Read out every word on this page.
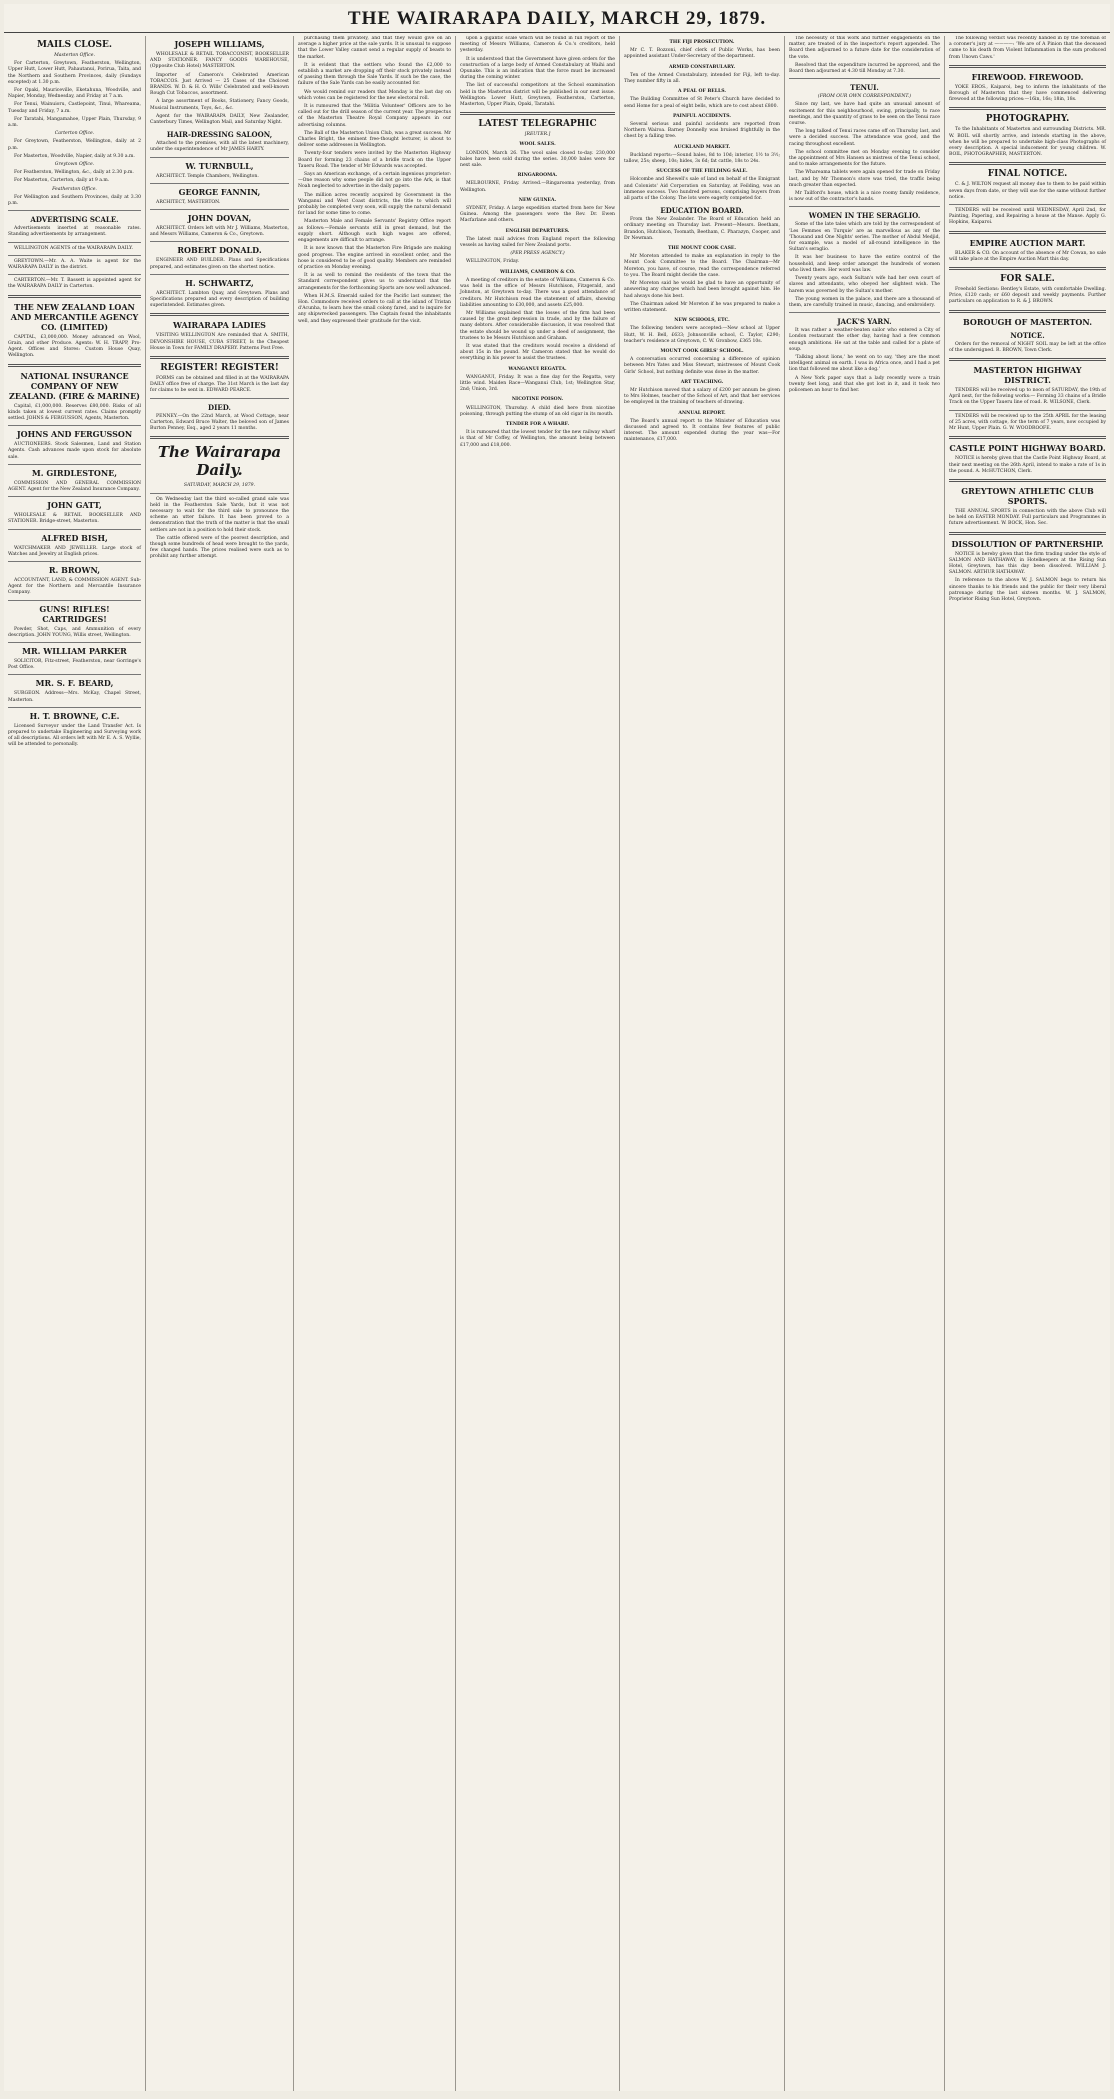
THE WAIRARAPA DAILY, MARCH 29, 1879.
MAILS CLOSE.
Masterton Office.

For Carterton, Greytown, Featherston, Wellington, Upper Hutt, Lower Hutt, Pahautanui, Porirua, Taita, and the Northern and Southern Provinces, daily (Sundays excepted) at 1.30 p.m.

For Opaki, Mauriceville, Eketahuna, Woodville, and Napier, Monday, Wednesday, and Friday at 7 a.m.

For Tenui, Wainuioru, Castlepoint, Tinui, Whareama, Tuesday and Friday, 7 a.m.

For Taratahi, Mangamahoe, Upper Plain, Thursday, 9 a.m.

Carterton Office.

For Greytown, Featherston, Wellington, daily at 2 p.m.

For Masterton, Woodville, Napier, daily at 9.30 a.m.

Greytown Office.

For Featherston, Wellington, &c., daily at 2.30 p.m.

For Masterton, Carterton, daily at 9 a.m.

Featherston Office.

For Wellington and Southern Provinces, daily at 3.30 p.m.

ADVERTISING SCALE.

Advertisements inserted at reasonable rates. Standing advertisements by arrangement.

WELLINGTON AGENTS of the WAIRARAPA DAILY.

GREYTOWN.—Mr. A. A. Waite is agent for the WAIRARAPA DAILY in the district.

CARTERTON.—Mr. T. Bassett is appointed agent for the WAIRARAPA DAILY in Carterton.

THE NEW ZEALAND LOAN AND MERCANTILE AGENCY CO. (LIMITED)

CAPITAL, £3,000,000. Money advanced on Wool, Grain, and other Produce. Agents: W. H. TRAPP, Pro-Agent. Offices and Stores: Custom House Quay, Wellington.

NATIONAL INSURANCE COMPANY OF NEW ZEALAND. (FIRE & MARINE)

Capital, £1,000,000. Reserves £80,000. Risks of all kinds taken at lowest current rates. Claims promptly settled. JOHNS & FERGUSSON, Agents, Masterton.

JOHNS AND FERGUSSON

AUCTIONEERS. Stock Salesmen, Land and Station Agents. Cash advances made upon stock for absolute sale.

M. GIRDLESTONE,

COMMISSION AND GENERAL COMMISSION AGENT. Agent for the New Zealand Insurance Company.

JOHN GATT,

WHOLESALE & RETAIL BOOKSELLER AND STATIONER. Bridge-street, Masterton.

ALFRED BISH,

WATCHMAKER AND JEWELLER. Large stock of Watches and Jewelry at English prices.

R. BROWN,

ACCOUNTANT, LAND, & COMMISSION AGENT. Sub-Agent for the Northern and Mercantile Insurance Company.

GUNS! RIFLES! CARTRIDGES!

Powder, Shot, Caps, and Ammunition of every description. JOHN YOUNG, Willis street, Wellington.

MR. WILLIAM PARKER

SOLICITOR, Fitz-street, Featherston, near Gorringe's Post Office.

MR. S. F. BEARD,

SURGEON. Address—Mrs. McKay, Chapel Street, Masterton.

H. T. BROWNE, C.E.

Licensed Surveyor under the Land Transfer Act. Is prepared to undertake Engineering and Surveying work of all descriptions. All orders left with Mr E. A. S. Wyllie, will be attended to personally.

JOSEPH WILLIAMS,

WHOLESALE & RETAIL TOBACCONIST, BOOKSELLER AND STATIONER. FANCY GOODS WAREHOUSE, (Opposite Club Hotel) MASTERTON.

Importer of Cameron's Celebrated American TOBACCOS. Just Arrived — 25 Cases of the Choicest BRANDS. W. D. & H. O. Wills' Celebrated and well-known Rough Cut Tobaccos, assortment.

A large assortment of Books, Stationery, Fancy Goods, Musical Instruments, Toys, &c., &c.

Agent for the WAIRARAPA DAILY, New Zealander, Canterbury Times, Wellington Mail, and Saturday Night.

HAIR-DRESSING SALOON,

Attached to the premises, with all the latest machinery, under the superintendence of Mr JAMES HARTY.

W. TURNBULL,

ARCHITECT. Temple Chambers, Wellington.

GEORGE FANNIN,

ARCHITECT, MASTERTON.

JOHN DOVAN,

ARCHITECT. Orders left with Mr J. Williams, Masterton, and Messrs Williams, Cameron & Co., Greytown.

ROBERT DONALD.

ENGINEER AND BUILDER. Plans and Specifications prepared, and estimates given on the shortest notice.

H. SCHWARTZ,

ARCHITECT. Lambton Quay, and Greytown. Plans and Specifications prepared and every description of building superintended. Estimates given.

WAIRARAPA LADIES

VISITING WELLINGTON Are reminded that A. SMITH, DEVONSHIRE HOUSE, CUBA STREET, Is the Cheapest House in Town for FAMILY DRAPERY. Patterns Post Free.

REGISTER! REGISTER!

FORMS can be obtained and filled in at the WAIRARAPA DAILY office free of charge. The 31st March is the last day for claims to be sent in. EDWARD PEARCE.

DIED.

PENNEY.—On the 22nd March, at Wood Cottage, near Carterton, Edward Bruce Walter, the beloved son of James Burton Penney, Esq., aged 2 years 11 months.

The Wairarapa Daily.
SATURDAY, MARCH 29, 1879.

On Wednesday last the third so-called grand sale was held in the Featherston Sale Yards, but it was not necessary to wait for the third sale to pronounce the scheme an utter failure. It has been proved to a demonstration that the truth of the matter is that the small settlers are not in a position to hold their stock.

The cattle offered were of the poorest description, and though some hundreds of head were brought to the yards, few changed hands. The prices realised were such as to prohibit any further attempt.

purchasing them privately, and that they would give on an average a higher price at the sale yards. It is unusual to suppose that the Lower Valley cannot send a regular supply of beasts to the market.

It is evident that the settlers who found the £2,000 to establish a market are dropping off their stock privately instead of passing them through the Sale Yards. If such be the case, the failure of the Sale Yards can be easily accounted for.

We would remind our readers that Monday is the last day on which votes can be registered for the new electoral roll.

It is rumoured that the 'Militia Volunteer' Officers are to be called out for the drill season of the current year. The prospectus of the Masterton Theatre Royal Company appears in our advertising columns.

The Ball of the Masterton Union Club, was a great success. Mr Charles Bright, the eminent free-thought lecturer, is about to deliver some addresses in Wellington.

Twenty-four tenders were invited by the Masterton Highway Board for forming 23 chains of a bridle track on the Upper Taueru Road. The tender of Mr Edwards was accepted.

Says an American exchange, of a certain ingenious proprietor:—One reason why some people did not go into the Ark, is that Noah neglected to advertise in the daily papers.

The million acres recently acquired by Government in the Wanganui and West Coast districts, the title to which will probably be completed very soon, will supply the natural demand for land for some time to come.

Masterton Male and Female Servants' Registry Office report as follows:—Female servants still in great demand, but the supply short. Although such high wages are offered, engagements are difficult to arrange.

It is now known that the Masterton Fire Brigade are making good progress. The engine arrived in excellent order, and the hose is considered to be of good quality. Members are reminded of practice on Monday evening.

It is as well to remind the residents of the town that the Standard correspondent gives us to understand that the arrangements for the forthcoming Sports are now well advanced.

When H.M.S. Emerald sailed for the Pacific last summer, the Hon. Commodore received orders to call at the island of Tristan d'Acunha, to learn how the small colony fared, and to inquire for any shipwrecked passengers. The Captain found the inhabitants well, and they expressed their gratitude for the visit.

upon a gigantic scale which will be found in full report of the meeting of Messrs Williams, Cameron & Co.'s creditors, held yesterday.

It is understood that the Government have given orders for the construction of a large body of Armed Constabulary at Waihi and Opunake. This is an indication that the force must be increased during the coming winter.

The list of successful competitors at the School examination held in the Masterton district will be published in our next issue. Wellington: Lower Hutt, Greytown, Featherston, Carterton, Masterton, Upper Plain, Opaki, Taratahi.

LATEST TELEGRAPHIC
[REUTER.]
WOOL SALES.

LONDON, March 26. The wool sales closed to-day. 230,000 bales have been sold during the series. 30,000 bales were for next sale.

RINGAROOMA.

MELBOURNE, Friday. Arrived.—Ringarooma yesterday, from Wellington.

NEW GUINEA.

SYDNEY, Friday. A large expedition started from here for New Guinea. Among the passengers were the Rev. Dr. Ewen Macfarlane and others.

ENGLISH DEPARTURES.

The latest mail advices from England report the following vessels as having sailed for New Zealand ports.

(PER PRESS AGENCY.)

WELLINGTON, Friday.

WILLIAMS, CAMERON & CO.

A meeting of creditors in the estate of Williams, Cameron & Co. was held in the office of Messrs Hutchison, Fitzgerald, and Johnston, at Greytown to-day. There was a good attendance of creditors. Mr Hutchison read the statement of affairs, showing liabilities amounting to £30,000, and assets £25,000.

Mr Williams explained that the losses of the firm had been caused by the great depression in trade, and by the failure of many debtors. After considerable discussion, it was resolved that the estate should be wound up under a deed of assignment, the trustees to be Messrs Hutchison and Graham.

It was stated that the creditors would receive a dividend of about 15s in the pound. Mr Cameron stated that he would do everything in his power to assist the trustees.

WANGANUI REGATTA.

WANGANUI, Friday. It was a fine day for the Regatta, very little wind. Maiden Race—Wanganui Club, 1st; Wellington Star, 2nd; Union, 3rd.

NICOTINE POISON.

WELLINGTON, Thursday. A child died here from nicotine poisoning, through putting the stump of an old cigar in its mouth.

TENDER FOR A WHARF.

It is rumoured that the lowest tender for the new railway wharf is that of Mr Coffey, of Wellington, the amount being between £17,000 and £18,000.

THE FIJI PROSECUTION.

Mr C. T. Bozzoni, chief clerk of Public Works, has been appointed assistant Under-Secretary of the department.

ARMED CONSTABULARY.

Ten of the Armed Constabulary, intended for Fiji, left to-day. They number fifty in all.

A PEAL OF BELLS.

The Building Committee of St Peter's Church have decided to send Home for a peal of eight bells, which are to cost about £800.

PAINFUL ACCIDENTS.

Several serious and painful accidents are reported from Northern Wairoa. Barney Donnelly was bruised frightfully in the chest by a falling tree.

AUCKLAND MARKET.

Buckland reports:—Sound bales, 8d to 10d; interior, 1½ to 3½; tallow, 25s; sheep, 10s; hides, 3s 6d; fat cattle, 18s to 24s.

SUCCESS OF THE FIELDING SALE.

Holcombe and Shewell's sale of land on behalf of the Emigrant and Colonists' Aid Corporation on Saturday, at Feilding, was an immense success. Two hundred persons, comprising buyers from all parts of the Colony. The lots were eagerly competed for.

EDUCATION BOARD.

From the New Zealander. The Board of Education held an ordinary meeting on Thursday last. Present—Messrs. Beetham, Brandon, Hutchison, Toomath, Beetham, C. Pharazyn, Cooper, and Dr Newman.

THE MOUNT COOK CASE.

Mr Moreton attended to make an explanation in reply to the Mount Cook Committee to the Board. The Chairman—Mr Moreton, you have, of course, read the correspondence referred to you. The Board might decide the case.

Mr Moreton said he would be glad to have an opportunity of answering any charges which had been brought against him. He had always done his best.

The Chairman asked Mr Moreton if he was prepared to make a written statement.

NEW SCHOOLS, ETC.

The following tenders were accepted:—New school at Upper Hutt, W. H. Bell, £633; Johnsonville school, C. Taylor, £290; teacher's residence at Greytown, C. W. Gronbow, £365 10s.

MOUNT COOK GIRLS' SCHOOL.

A conversation occurred concerning a difference of opinion between Mrs Yates and Miss Stewart, mistresses of Mount Cook Girls' School, but nothing definite was done in the matter.

ART TEACHING.

Mr Hutchison moved that a salary of £200 per annum be given to Mrs Holmes, teacher of the School of Art, and that her services be employed in the training of teachers of drawing.

ANNUAL REPORT.

The Board's annual report to the Minister of Education was discussed and agreed to. It contains few features of public interest. The amount expended during the year was—For maintenance, £17,000.

The necessity of this work and further engagements on the matter, are treated of in the inspector's report appended. The Board then adjourned to a future date for the consideration of the vote.

Resolved that the expenditure incurred be approved, and the Board then adjourned at 4.30 till Monday at 7.30.

TENUI.
(FROM OUR OWN CORRESPONDENT.)

Since my last, we have had quite an unusual amount of excitement for this neighbourhood, owing, principally, to race meetings, and the quantity of grass to be seen on the Tenui race course.

The long talked of Tenui races came off on Thursday last, and were a decided success. The attendance was good, and the racing throughout excellent.

The school committee met on Monday evening to consider the appointment of Mrs Hansen as mistress of the Tenui school, and to make arrangements for the future.

The Whareama tablets were again opened for trade on Friday last, and by Mr Thomson's store was tried, the traffic being much greater than expected.

Mr Tailford's house, which is a nice roomy family residence, is now out of the contractor's hands.

WOMEN IN THE SERAGLIO.

Some of the late tales which are told by the correspondent of 'Les Femmes en Turquie' are as marvellous as any of the 'Thousand and One Nights' series. The mother of Abdul Medjid, for example, was a model of all-round intelligence in the Sultan's seraglio.

It was her business to have the entire control of the household, and keep order amongst the hundreds of women who lived there. Her word was law.

Twenty years ago, each Sultan's wife had her own court of slaves and attendants, who obeyed her slightest wish. The harem was governed by the Sultan's mother.

The young women in the palace, and there are a thousand of them, are carefully trained in music, dancing, and embroidery.

JACK'S YARN.

It was rather a weather-beaten sailor who entered a City of London restaurant the other day, having had a few common enough ambitions. He sat at the table and called for a plate of soup.

'Talking about lions,' he went on to say, 'they are the most intelligent animal on earth. I was in Africa once, and I had a pet lion that followed me about like a dog.'

A New York paper says that a lady recently wore a train twenty feet long, and that she got lost in it, and it took two policemen an hour to find her.

The following verdict was recently handed in by the foreman of a coroner's jury at ————: 'We are of A Pinion that the deceased came to his death from Violent Inflammation in the sum produced from Unown Caws.'

FIREWOOD. FIREWOOD.

YOKE EROS., Kaiparoi, beg to inform the inhabitants of the Borough of Masterton that they have commenced delivering firewood at the following prices:—16in, 16s; 18in, 18s.

PHOTOGRAPHY.

To the Inhabitants of Masterton and surrounding Districts. MR. W. BOIL will shortly arrive, and intends starting in the above, when he will be prepared to undertake high-class Photographs of every description. A special inducement for young children. W. BOIL, PHOTOGRAPHER, MASTERTON.

FINAL NOTICE.

C. & J. WILTON request all money due to them to be paid within seven days from date, or they will sue for the same without further notice.

TENDERS will be received until WEDNESDAY, April 2nd, for Painting, Papering, and Repairing a house at the Manse. Apply G. Hopkins, Kaiparoi.

EMPIRE AUCTION MART.

BLAKER & CO. On account of the absence of Mr Cowan, no sale will take place at the Empire Auction Mart this day.

FOR SALE.

Freehold Sections: Bentley's Estate, with comfortable Dwelling. Price, £120 cash; or £60 deposit and weekly payments. Further particulars on application to R. & J. BROWN.

BOROUGH OF MASTERTON.
NOTICE.

Orders for the removal of NIGHT SOIL may be left at the office of the undersigned. R. BROWN, Town Clerk.

MASTERTON HIGHWAY DISTRICT.

TENDERS will be received up to noon of SATURDAY, the 19th of April next, for the following works:— Forming 33 chains of a Bridle Track on the Upper Taueru line of road. R. WILSONE, Clerk.

TENDERS will be received up to the 25th APRIL for the leasing of 25 acres, with cottage, for the term of 7 years, now occupied by Mr Hunt, Upper Plain. G. W. WOODROOFE.

CASTLE POINT HIGHWAY BOARD.

NOTICE is hereby given that the Castle Point Highway Board, at their next meeting on the 26th April, intend to make a rate of 1s in the pound. A. McHUTCHON, Clerk.

GREYTOWN ATHLETIC CLUB SPORTS.

THE ANNUAL SPORTS in connection with the above Club will be held on EASTER MONDAY. Full particulars and Programmes in future advertisement. W. BOCK, Hon. Sec.

DISSOLUTION OF PARTNERSHIP.

NOTICE is hereby given that the firm trading under the style of SALMON AND HATHAWAY, in Hotelkeepers at the Rising Sun Hotel, Greytown, has this day been dissolved. WILLIAM J. SALMON. ARTHUR HATHAWAY.

In reference to the above W. J. SALMON begs to return his sincere thanks to his friends and the public for their very liberal patronage during the last sixteen months. W. J. SALMON, Proprietor Rising Sun Hotel, Greytown.
